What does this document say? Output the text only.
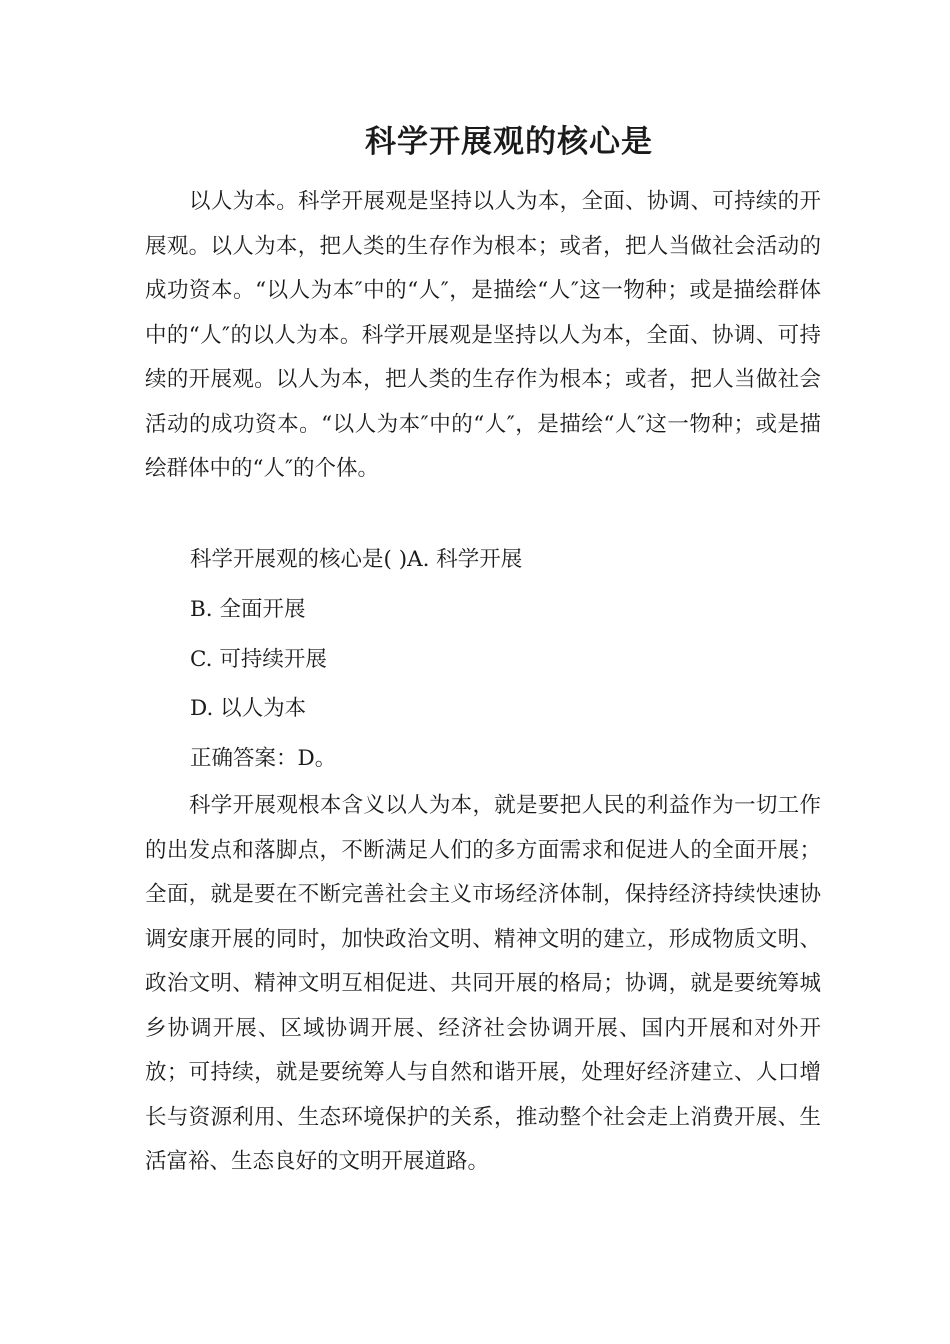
科学开展观的核心是

以人为本。科学开展观是坚持以人为本，全面、协调、可持续的开展观。以人为本，把人类的生存作为根本；或者，把人当做社会活动的成功资本。“以人为本″中的“人″，是描绘“人″这一物种；或是描绘群体中的“人″的以人为本。科学开展观是坚持以人为本，全面、协调、可持续的开展观。以人为本，把人类的生存作为根本；或者，把人当做社会活动的成功资本。“以人为本″中的“人″，是描绘“人″这一物种；或是描绘群体中的“人″的个体。

科学开展观的核心是( )A. 科学开展

B. 全面开展

C. 可持续开展

D. 以人为本

正确答案：D。

科学开展观根本含义以人为本，就是要把人民的利益作为一切工作的出发点和落脚点，不断满足人们的多方面需求和促进人的全面开展；全面，就是要在不断完善社会主义市场经济体制，保持经济持续快速协调安康开展的同时，加快政治文明、精神文明的建立，形成物质文明、政治文明、精神文明互相促进、共同开展的格局；协调，就是要统筹城乡协调开展、区域协调开展、经济社会协调开展、国内开展和对外开放；可持续，就是要统筹人与自然和谐开展，处理好经济建立、人口增长与资源利用、生态环境保护的关系，推动整个社会走上消费开展、生活富裕、生态良好的文明开展道路。
